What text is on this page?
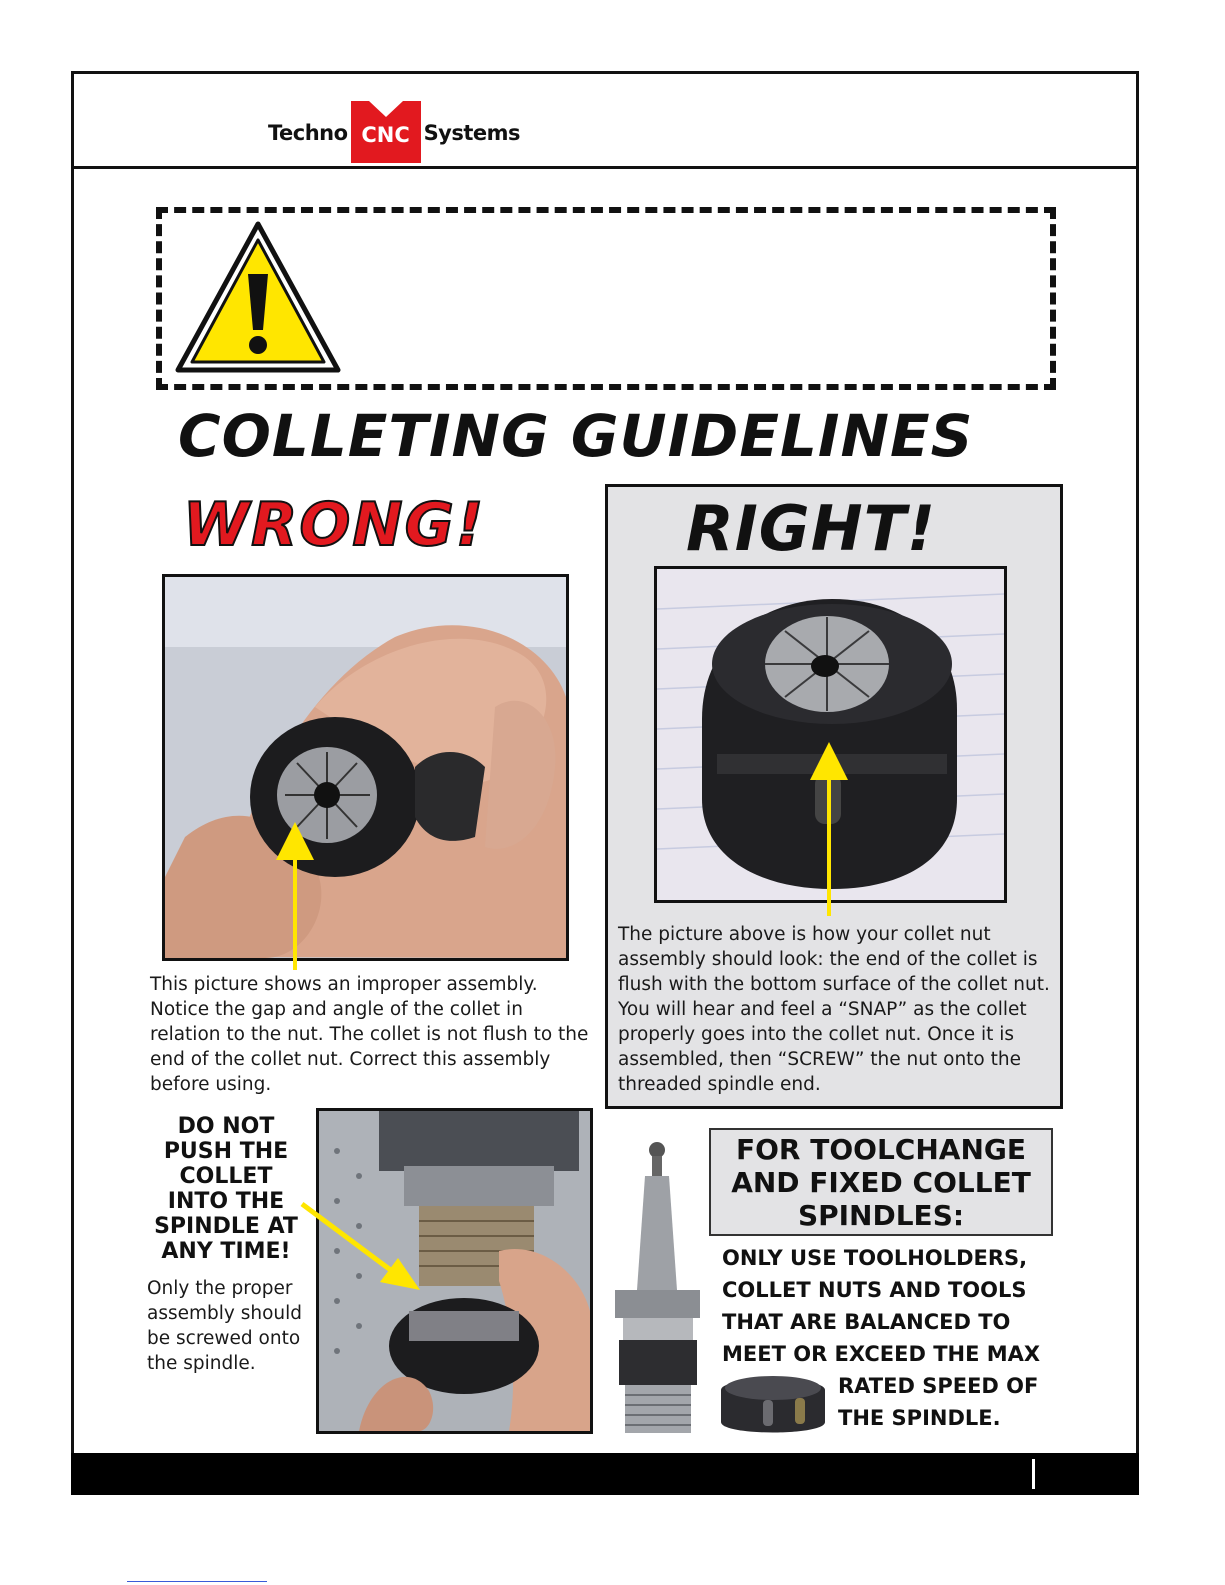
Techno CNC Systems
COLLETING GUIDELINES
WRONG!

This picture shows an improper assembly. Notice the gap and angle of the collet in relation to the nut. The collet is not flush to the end of the collet nut. Correct this assembly before using.

RIGHT!

The picture above is how your collet nut assembly should look: the end of the collet is flush with the bottom surface of the collet nut. You will hear and feel a “SNAP” as the collet properly goes into the collet nut. Once it is assembled, then “SCREW” the nut onto the threaded spindle end.

DO NOT
PUSH THE
COLLET
INTO THE
SPINDLE AT
ANY TIME!

Only the proper assembly should be screwed onto the spindle.

FOR TOOLCHANGE
AND FIXED COLLET
SPINDLES:
ONLY USE TOOLHOLDERS,
COLLET NUTS AND TOOLS
THAT ARE BALANCED TO
MEET OR EXCEED THE MAX
RATED SPEED OF
THE SPINDLE.
